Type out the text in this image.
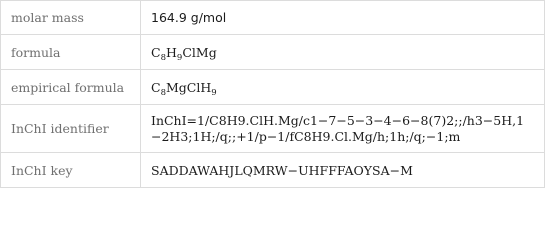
molar mass	164.9 g/mol
formula	$C_8H_9ClMg$
empirical formula	$C_8MgClH_9$
InChI identifier	InChI=1/C8H9.ClH.Mg/c1−7−5−3−4−6−8(7)2;;/h3−5H,1−2H3;1H;/q;;+1/p−1/fC8H9.Cl.Mg/h;1h;/q;−1;m
InChI key	SADDAWAHJLQMRW−UHFFFAOYSA−M
